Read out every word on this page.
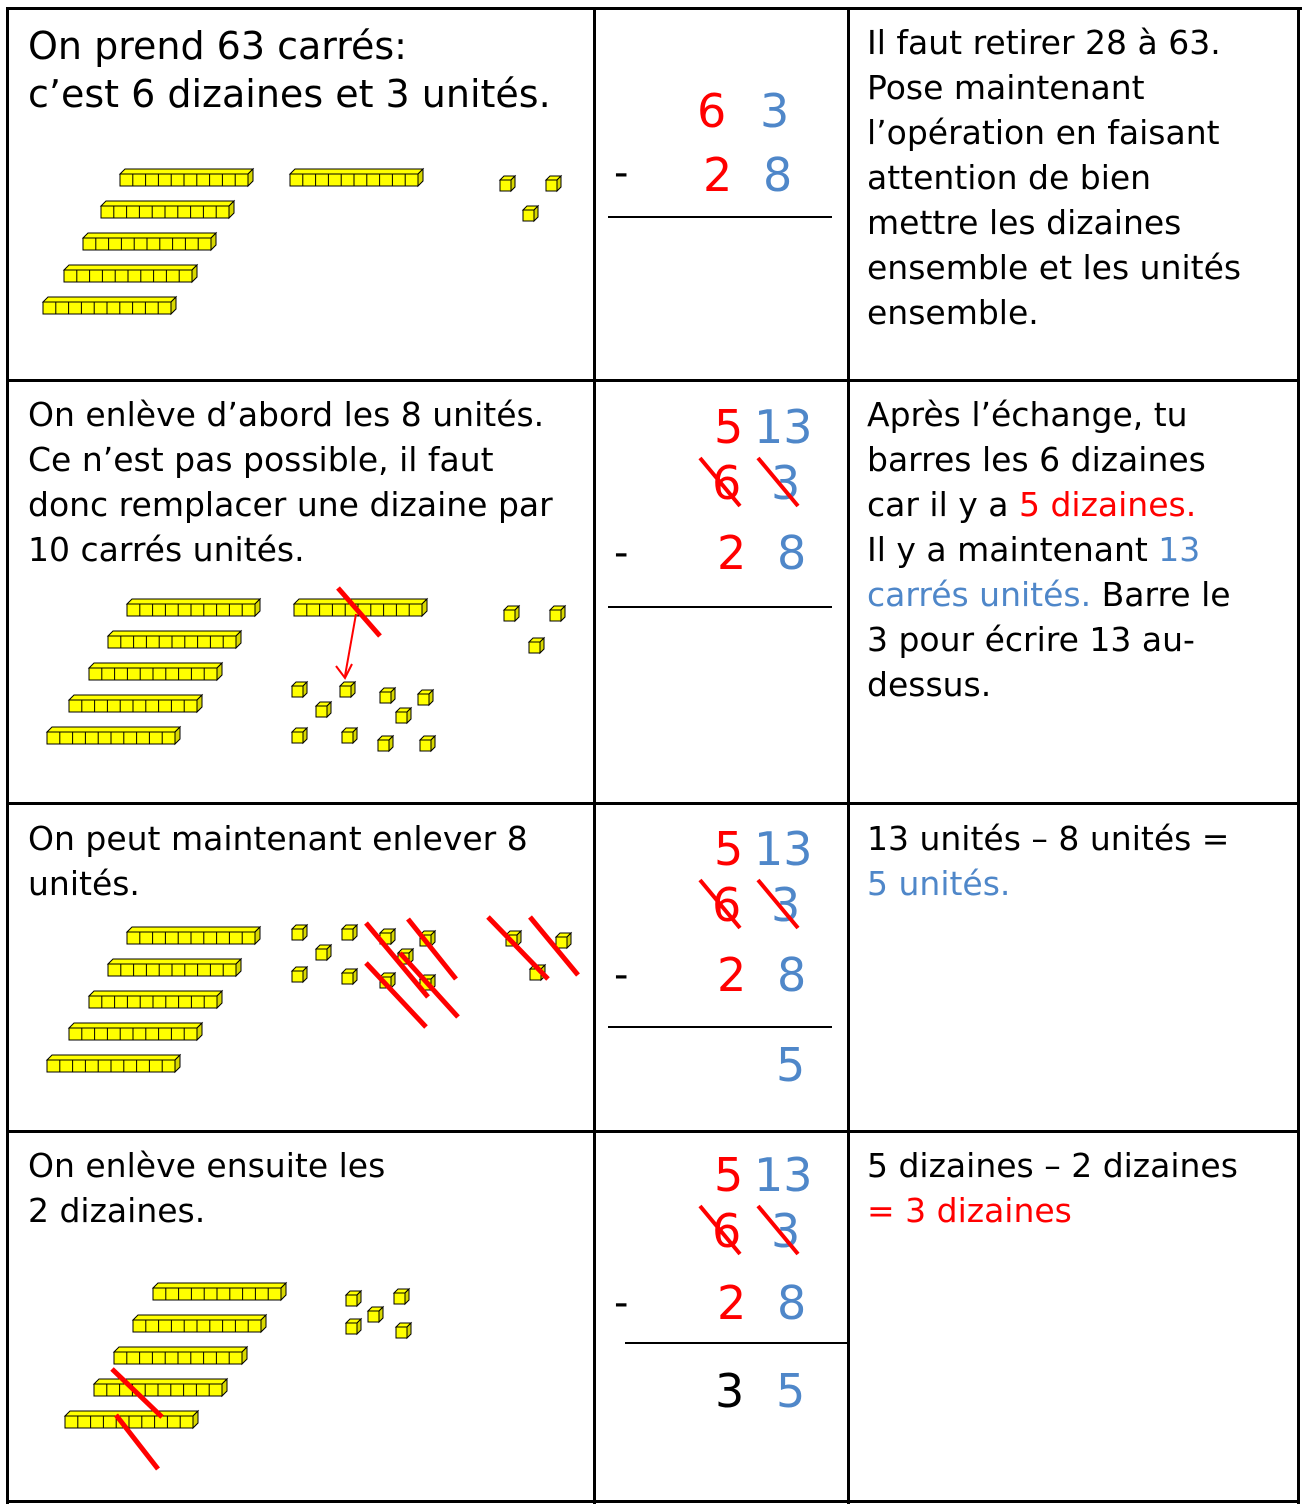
On prend 63 carrés:
c’est 6 dizaines et 3 unités.	6 3
- 2 8
Il faut retirer 28 à 63.
Pose maintenant
l’opération en faisant
attention de bien
mettre les dizaines
ensemble et les unités
ensemble.
On enlève d’abord les 8 unités.
Ce n’est pas possible, il faut
donc remplacer une dizaine par
10 carrés unités.
5 13
6 3
- 2 8
Après l’échange, tu
barres les 6 dizaines
car il y a 5 dizaines.
Il y a maintenant 13
carrés unités. Barre le
3 pour écrire 13 au-
dessus.
On peut maintenant enlever 8
unités.
5 13
6 3
- 2 8
5
13 unités – 8 unités =
5 unités.
On enlève ensuite les
2 dizaines.
5 13
6 3
- 2 8
3 5
5 dizaines – 2 dizaines
= 3 dizaines
